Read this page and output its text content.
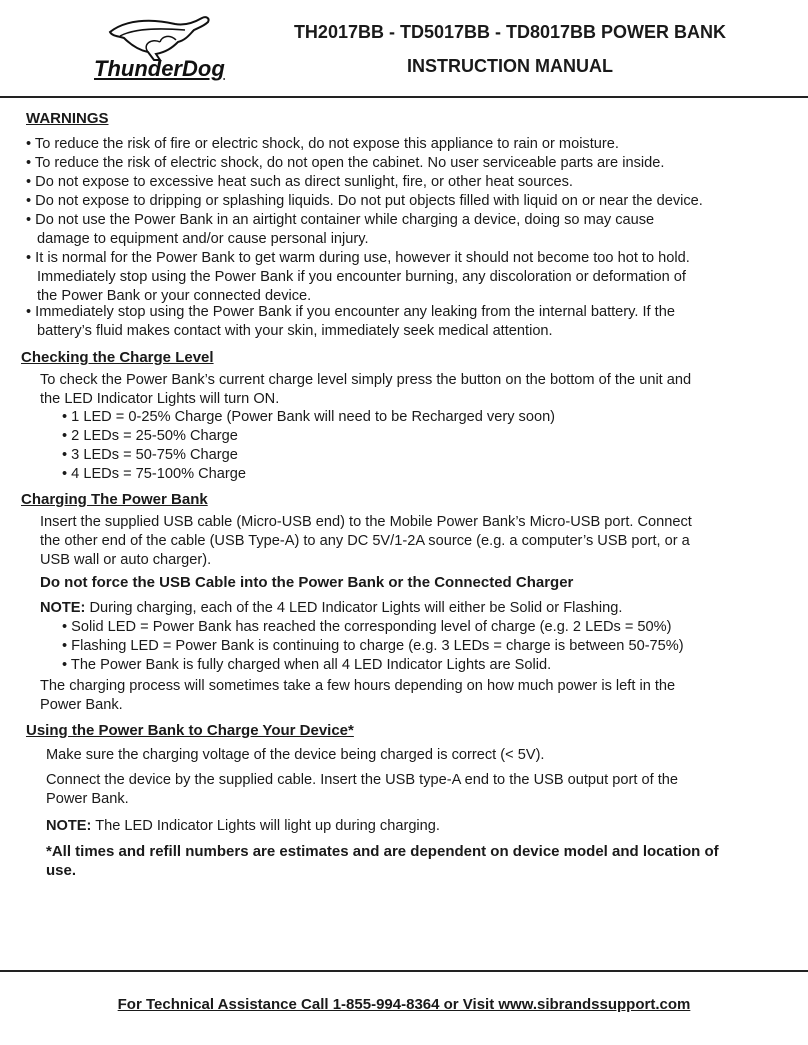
ThunderDog
TH2017BB - TD5017BB - TD8017BB POWER BANK
INSTRUCTION MANUAL
WARNINGS
• To reduce the risk of fire or electric shock, do not expose this appliance to rain or moisture.
• To reduce the risk of electric shock, do not open the cabinet. No user serviceable parts are inside.
• Do not expose to excessive heat such as direct sunlight, fire, or other heat sources.
• Do not expose to dripping or splashing liquids. Do not put objects filled with liquid on or near the device.
• Do not use the Power Bank in an airtight container while charging a device, doing so may cause
damage to equipment and/or cause personal injury.
• It is normal for the Power Bank to get warm during use, however it should not become too hot to hold.
Immediately stop using the Power Bank if you encounter burning, any discoloration or deformation of
the Power Bank or your connected device.
• Immediately stop using the Power Bank if you encounter any leaking from the internal battery. If the
battery’s fluid makes contact with your skin, immediately seek medical attention.
Checking the Charge Level
To check the Power Bank’s current charge level simply press the button on the bottom of the unit and
the LED Indicator Lights will turn ON.
• 1 LED = 0-25% Charge (Power Bank will need to be Recharged very soon)
• 2 LEDs = 25-50% Charge
• 3 LEDs = 50-75% Charge
• 4 LEDs = 75-100% Charge
Charging The Power Bank
Insert the supplied USB cable (Micro-USB end) to the Mobile Power Bank’s Micro-USB port. Connect
the other end of the cable (USB Type-A) to any DC 5V/1-2A source (e.g. a computer’s USB port, or a
USB wall or auto charger).
Do not force the USB Cable into the Power Bank or the Connected Charger
NOTE: During charging, each of the 4 LED Indicator Lights will either be Solid or Flashing.
• Solid LED = Power Bank has reached the corresponding level of charge (e.g. 2 LEDs = 50%)
• Flashing LED = Power Bank is continuing to charge (e.g. 3 LEDs = charge is between 50-75%)
• The Power Bank is fully charged when all 4 LED Indicator Lights are Solid.
The charging process will sometimes take a few hours depending on how much power is left in the
Power Bank.
Using the Power Bank to Charge Your Device*
Make sure the charging voltage of the device being charged is correct (< 5V).
Connect the device by the supplied cable. Insert the USB type-A end to the USB output port of the
Power Bank.
NOTE: The LED Indicator Lights will light up during charging.
*All times and refill numbers are estimates and are dependent on device model and location of
use.
For Technical Assistance Call 1-855-994-8364 or Visit www.sibrandssupport.com
